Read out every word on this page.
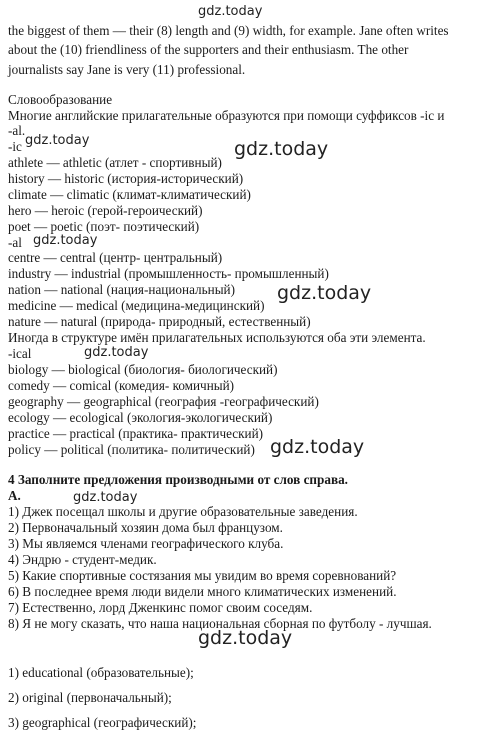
gdz.today
gdz.today	gdz.today
gdz.today
gdz.today
gdz.today
gdz.today
gdz.today
gdz.today
the biggest of them — their (8) length and (9) width, for example. Jane often writes
about the (10) friendliness of the supporters and their enthusiasm. The other
journalists say Jane is very (11) professional.
Словообразование
Многие английские прилагательные образуются при помощи суффиксов -ic и
-al.
-ic
athlete — athletic (атлет - спортивный)
history — historic (история-исторический)
climate — climatic (климат-климатический)
hero — heroic (герой-героический)
poet — poetic (поэт- поэтический)
-al
centre — central (центр- центральный)
industry — industrial (промышленность- промышленный)
nation — national (нация-национальный)
medicine — medical (медицина-медицинский)
nature — natural (природа- природный, естественный)
Иногда в структуре имён прилагательных используются оба эти элемента.
-ical
biology — biological (биология- биологический)
comedy — comical (комедия- комичный)
geography — geographical (география -географический)
ecology — ecological (экология-экологический)
practice — practical (практика- практический)
policy — political (политика- политический)
4 Заполните предложения производными от слов справа.
A.
1) Джек посещал школы и другие образовательные заведения.
2) Первоначальный хозяин дома был французом.
3) Мы являемся членами географического клуба.
4) Эндрю - студент-медик.
5) Какие спортивные состязания мы увидим во время соревнований?
6) В последнее время люди видели много климатических изменений.
7) Естественно, лорд Дженкинс помог своим соседям.
8) Я не могу сказать, что наша национальная сборная по футболу - лучшая.
1) educational (образовательные);
2) original (первоначальный);
3) geographical (географический);
